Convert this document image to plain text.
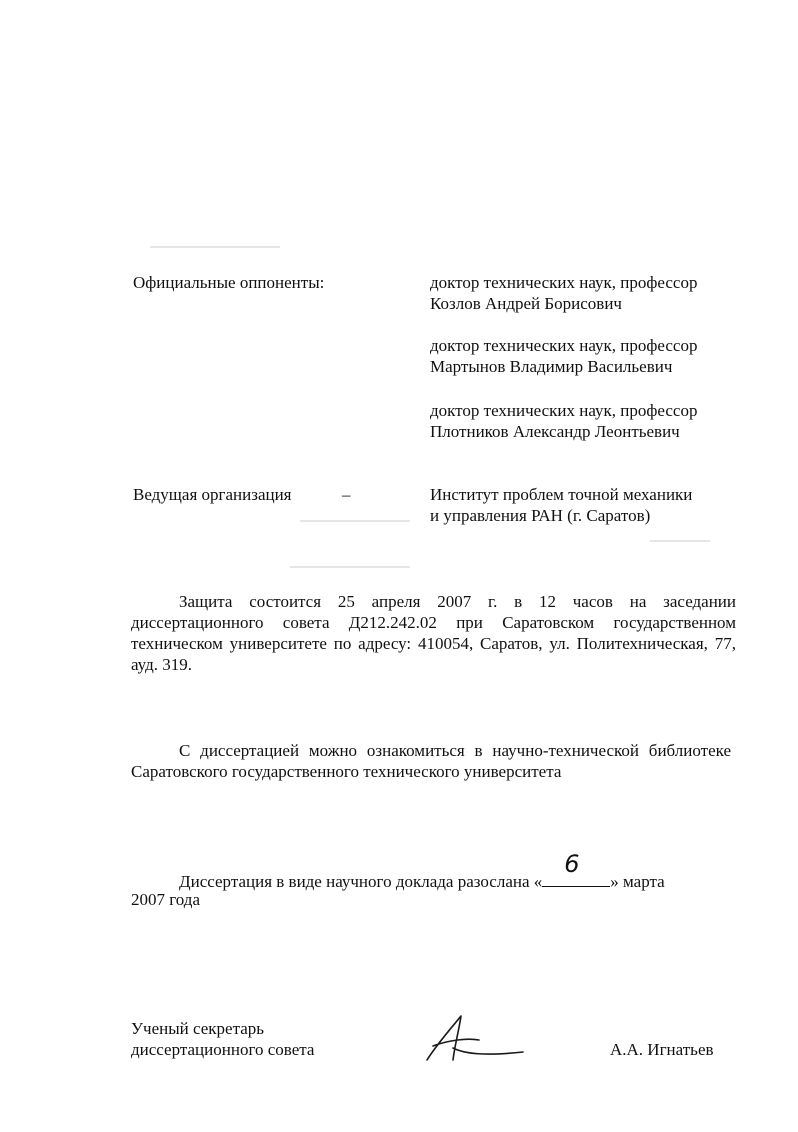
Официальные оппоненты:	доктор технических наук, профессор
Козлов Андрей Борисович
доктор технических наук, профессор
Мартынов Владимир Васильевич
доктор технических наук, профессор
Плотников Александр Леонтьевич
Ведущая организация	–	Институт проблем точной механики
и управления РАН (г. Саратов)
Защита состоится 25 апреля 2007 г. в 12 часов на заседании диссертационного совета Д212.242.02 при Саратовском государственном техническом университете по адресу: 410054, Саратов, ул. Политехническая, 77, ауд. 319.
С диссертацией можно ознакомиться в научно-технической библиотеке Саратовского государственного технического университета
Диссертация в виде научного доклада разослана «
6
» марта
2007 года
Ученый секретарь
диссертационного совета	А.А. Игнатьев
